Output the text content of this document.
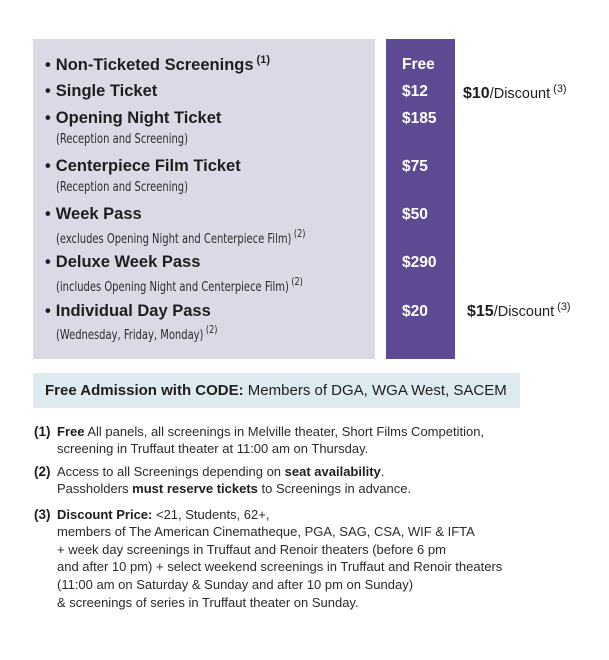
• Non-Ticketed Screenings $^{(1)}$	Free
• Single Ticket	$12 $10/Discount $^{(3)}$
• Opening Night Ticket
(Reception and Screening)
$185
• Centerpiece Film Ticket
(Reception and Screening)
$75
• Week Pass
(excludes Opening Night and Centerpiece Film) $^{(2)}$
$50
• Deluxe Week Pass
(includes Opening Night and Centerpiece Film) $^{(2)}$
$290
• Individual Day Pass
(Wednesday, Friday, Monday) $^{(2)}$
$20 $15/Discount $^{(3)}$
Free Admission with CODE: Members of DGA, WGA West, SACEM
(1) Free All panels, all screenings in Melville theater, Short Films Competition,
screening in Truffaut theater at 11:00 am on Thursday.
(2) Access to all Screenings depending on seat availability.
Passholders must reserve tickets to Screenings in advance.
(3) Discount Price: <21, Students, 62+,
members of The American Cinematheque, PGA, SAG, CSA, WIF & IFTA
+ week day screenings in Truffaut and Renoir theaters (before 6 pm
and after 10 pm) + select weekend screenings in Truffaut and Renoir theaters
(11:00 am on Saturday & Sunday and after 10 pm on Sunday)
& screenings of series in Truffaut theater on Sunday.
